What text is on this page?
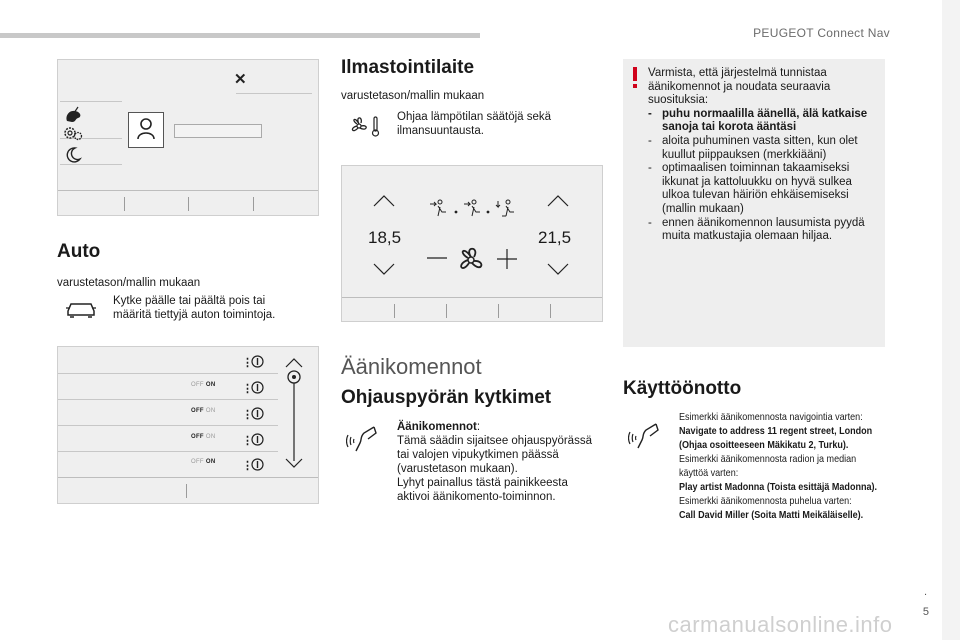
PEUGEOT Connect Nav
.
5
✕
Auto
varustetason/mallin mukaan
Kytke päälle tai päältä pois tai määritä tiettyjä auton toimintoja.
⋮
OFF ON ⋮
OFF ON ⋮
OFF ON ⋮
OFF ON ⋮
Ilmastointilaite
varustetason/mallin mukaan
Ohjaa lämpötilan säätöjä sekä ilmansuuntausta.
18,5	21,5
Äänikomennot
Ohjauspyörän kytkimet
Äänikomennot:
Tämä säädin sijaitsee ohjauspyörässä tai valojen vipukytkimen päässä (varustetason mukaan).
Lyhyt painallus tästä painikkeesta aktivoi äänikomento-toiminnon.
Varmista, että järjestelmä tunnistaa äänikomennot ja noudata seuraavia suosituksia:
- puhu normaalilla äänellä, älä katkaise sanoja tai korota ääntäsi
- aloita puhuminen vasta sitten, kun olet kuullut piippauksen (merkkiääni)
- optimaalisen toiminnan takaamiseksi ikkunat ja kattoluukku on hyvä sulkea ulkoa tulevan häiriön ehkäisemiseksi (mallin mukaan)
- ennen äänikomennon lausumista pyydä muita matkustajia olemaan hiljaa.
Käyttöönotto
Esimerkki äänikomennosta navigointia varten:
Navigate to address 11 regent street, London (Ohjaa osoitteeseen Mäkikatu 2, Turku).
Esimerkki äänikomennosta radion ja median käyttöä varten:
Play artist Madonna (Toista esittäjä Madonna).
Esimerkki äänikomennosta puhelua varten:
Call David Miller (Soita Matti Meikäläiselle).
carmanualsonline.info
